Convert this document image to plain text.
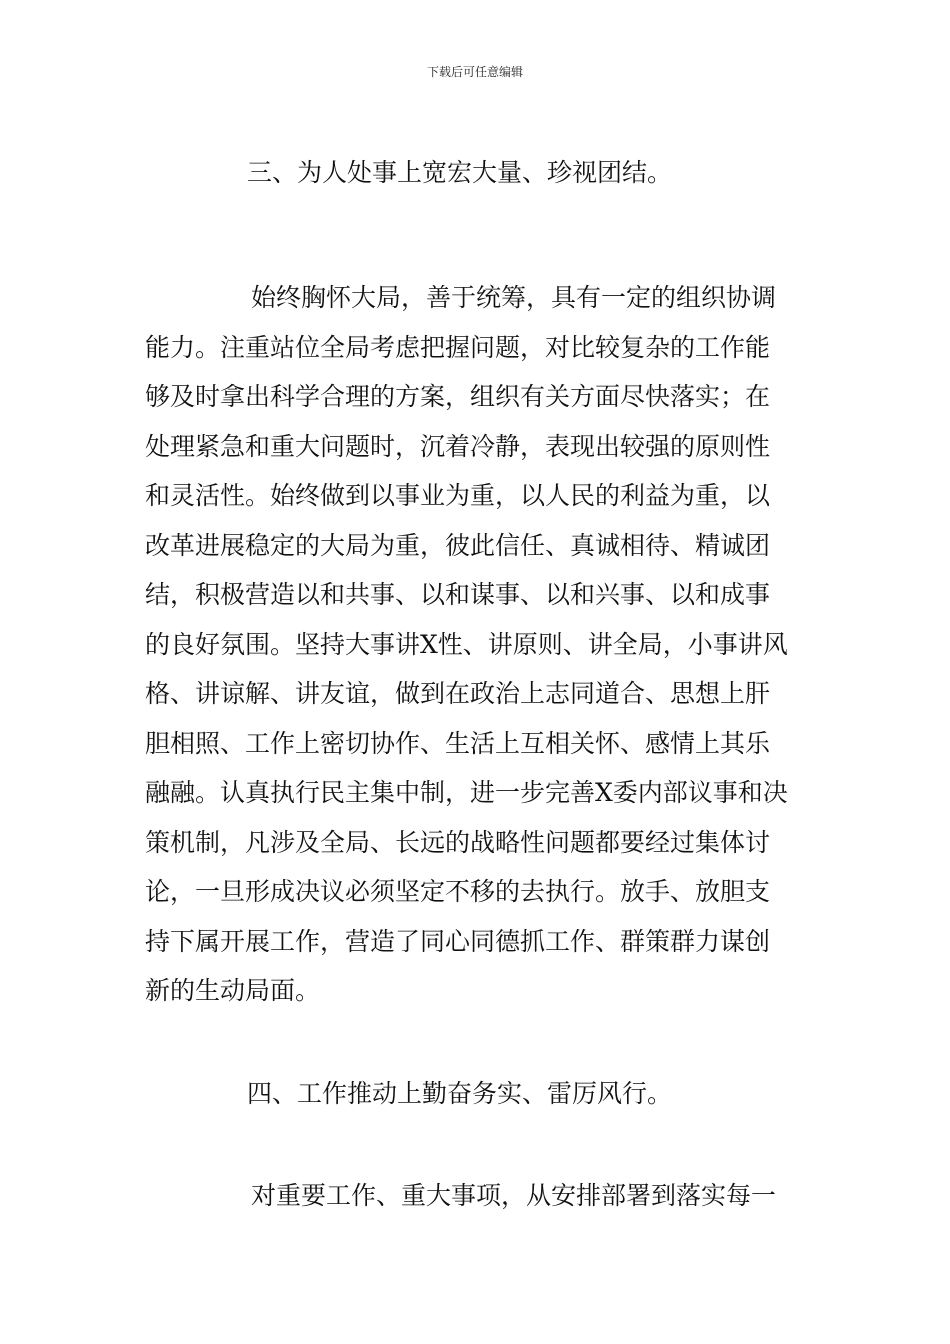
下载后可任意编辑
三、为人处事上宽宏大量、珍视团结。
始终胸怀大局，善于统筹，具有一定的组织协调
能力。注重站位全局考虑把握问题，对比较复杂的工作能
够及时拿出科学合理的方案，组织有关方面尽快落实；在
处理紧急和重大问题时，沉着冷静，表现出较强的原则性
和灵活性。始终做到以事业为重，以人民的利益为重，以
改革进展稳定的大局为重，彼此信任、真诚相待、精诚团
结，积极营造以和共事、以和谋事、以和兴事、以和成事
的良好氛围。坚持大事讲X性、讲原则、讲全局，小事讲风
格、讲谅解、讲友谊，做到在政治上志同道合、思想上肝
胆相照、工作上密切协作、生活上互相关怀、感情上其乐
融融。认真执行民主集中制，进一步完善X委内部议事和决
策机制，凡涉及全局、长远的战略性问题都要经过集体讨
论，一旦形成决议必须坚定不移的去执行。放手、放胆支
持下属开展工作，营造了同心同德抓工作、群策群力谋创
新的生动局面。
四、工作推动上勤奋务实、雷厉风行。
对重要工作、重大事项，从安排部署到落实每一
